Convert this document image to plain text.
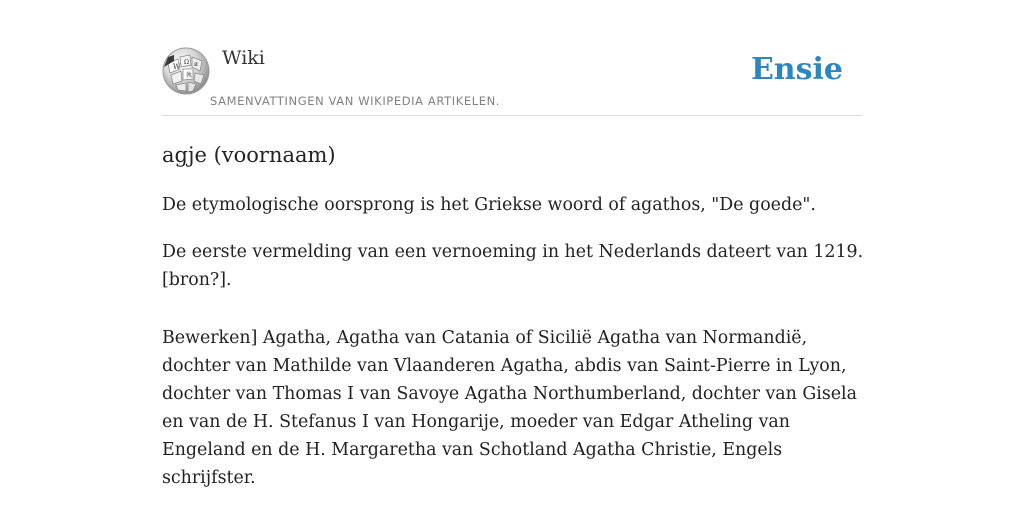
W
Ω и
執
Wiki
SAMENVATTINGEN VAN WIKIPEDIA ARTIKELEN.
Ensie
agje (voornaam)

De etymologische oorsprong is het Griekse woord of agathos, "De goede".

De eerste vermelding van een vernoeming in het Nederlands dateert van 1219. [bron?].

Bewerken] Agatha, Agatha van Catania of Sicilië Agatha van Normandië, dochter van Mathilde van Vlaanderen Agatha, abdis van Saint-Pierre in Lyon, dochter van Thomas I van Savoye Agatha Northumberland, dochter van Gisela en van de H. Stefanus I van Hongarije, moeder van Edgar Atheling van Engeland en de H. Margaretha van Schotland Agatha Christie, Engels schrijfster.
